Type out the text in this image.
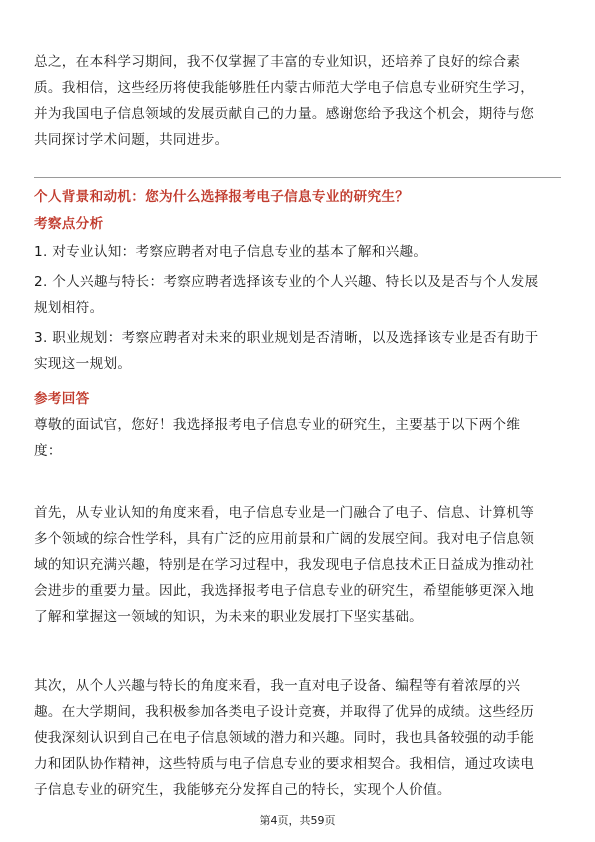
总之，在本科学习期间，我不仅掌握了丰富的专业知识，还培养了良好的综合素
质。我相信，这些经历将使我能够胜任内蒙古师范大学电子信息专业研究生学习，
并为我国电子信息领域的发展贡献自己的力量。感谢您给予我这个机会，期待与您
共同探讨学术问题，共同进步。

个人背景和动机：您为什么选择报考电子信息专业的研究生？

考察点分析

1. 对专业认知：考察应聘者对电子信息专业的基本了解和兴趣。

2. 个人兴趣与特长：考察应聘者选择该专业的个人兴趣、特长以及是否与个人发展
规划相符。

3. 职业规划：考察应聘者对未来的职业规划是否清晰，以及选择该专业是否有助于
实现这一规划。

参考回答

尊敬的面试官，您好！我选择报考电子信息专业的研究生，主要基于以下两个维
度：

首先，从专业认知的角度来看，电子信息专业是一门融合了电子、信息、计算机等
多个领域的综合性学科，具有广泛的应用前景和广阔的发展空间。我对电子信息领
域的知识充满兴趣，特别是在学习过程中，我发现电子信息技术正日益成为推动社
会进步的重要力量。因此，我选择报考电子信息专业的研究生，希望能够更深入地
了解和掌握这一领域的知识，为未来的职业发展打下坚实基础。

其次，从个人兴趣与特长的角度来看，我一直对电子设备、编程等有着浓厚的兴
趣。在大学期间，我积极参加各类电子设计竞赛，并取得了优异的成绩。这些经历
使我深刻认识到自己在电子信息领域的潜力和兴趣。同时，我也具备较强的动手能
力和团队协作精神，这些特质与电子信息专业的要求相契合。我相信，通过攻读电
子信息专业的研究生，我能够充分发挥自己的特长，实现个人价值。

第4页，共59页
